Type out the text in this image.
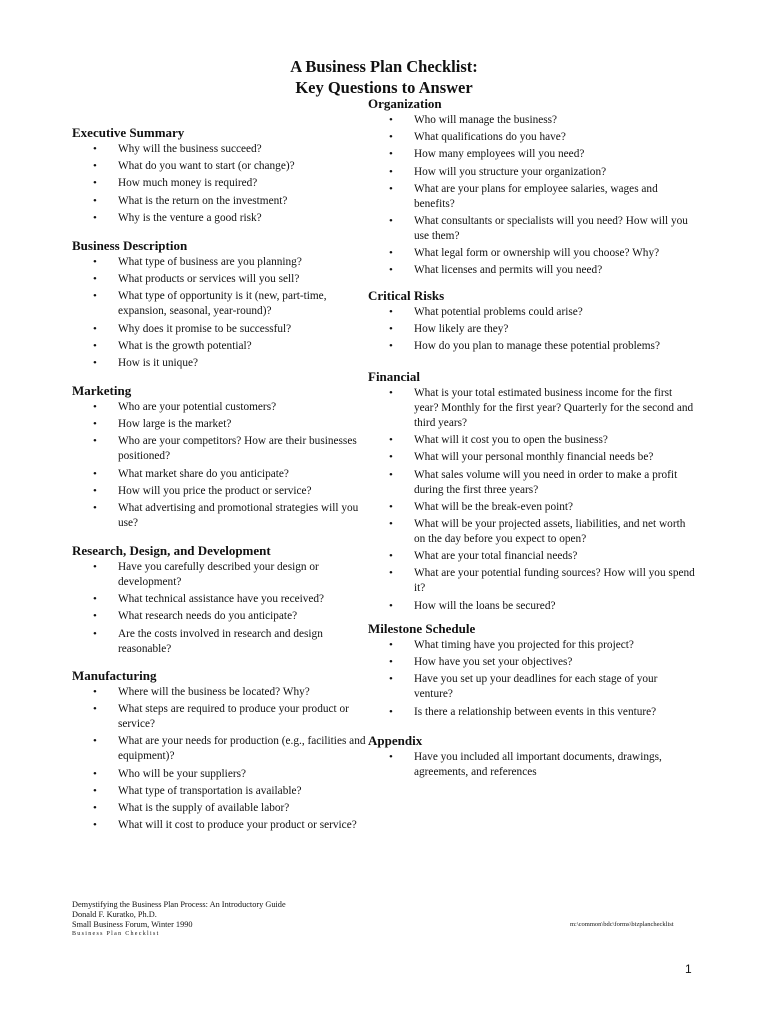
A Business Plan Checklist:
Key Questions to Answer
Executive Summary
• Why will the business succeed?
• What do you want to start (or change)?
• How much money is required?
• What is the return on the investment?
• Why is the venture a good risk?
Business Description
• What type of business are you planning?
• What products or services will you sell?
• What type of opportunity is it (new, part-time, expansion, seasonal, year-round)?
• Why does it promise to be successful?
• What is the growth potential?
• How is it unique?
Marketing
• Who are your potential customers?
• How large is the market?
• Who are your competitors? How are their businesses positioned?
• What market share do you anticipate?
• How will you price the product or service?
• What advertising and promotional strategies will you use?
Research, Design, and Development
• Have you carefully described your design or development?
• What technical assistance have you received?
• What research needs do you anticipate?
• Are the costs involved in research and design reasonable?
Manufacturing
• Where will the business be located? Why?
• What steps are required to produce your product or service?
• What are your needs for production (e.g., facilities and equipment)?
• Who will be your suppliers?
• What type of transportation is available?
• What is the supply of available labor?
• What will it cost to produce your product or service?
Organization
• Who will manage the business?
• What qualifications do you have?
• How many employees will you need?
• How will you structure your organization?
• What are your plans for employee salaries, wages and benefits?
• What consultants or specialists will you need? How will you use them?
• What legal form or ownership will you choose? Why?
• What licenses and permits will you need?
Critical Risks
• What potential problems could arise?
• How likely are they?
• How do you plan to manage these potential problems?
Financial
• What is your total estimated business income for the first year? Monthly for the first year? Quarterly for the second and third years?
• What will it cost you to open the business?
• What will your personal monthly financial needs be?
• What sales volume will you need in order to make a profit during the first three years?
• What will be the break-even point?
• What will be your projected assets, liabilities, and net worth on the day before you expect to open?
• What are your total financial needs?
• What are your potential funding sources? How will you spend it?
• How will the loans be secured?
Milestone Schedule
• What timing have you projected for this project?
• How have you set your objectives?
• Have you set up your deadlines for each stage of your venture?
• Is there a relationship between events in this venture?
Appendix
• Have you included all important documents, drawings, agreements, and references
Demystifying the Business Plan Process: An Introductory Guide
Donald F. Kuratko, Ph.D.
Small Business Forum, Winter 1990
Business Plan Checklist
m:\common\bdc\forms\bizplanchecklist
1
